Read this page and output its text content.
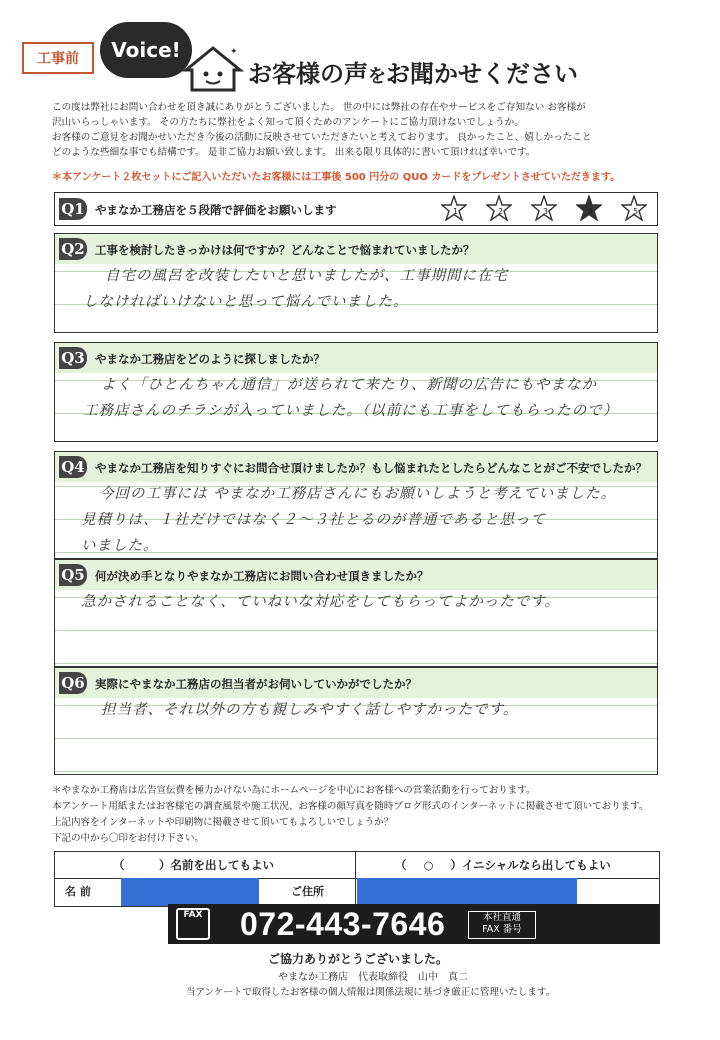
工事前	Voice!	✦
お客様の声をお聞かせください

この度は弊社にお問い合わせを頂き誠にありがとうございました。 世の中には弊社の存在やサービスをご存知ない お客様が

沢山いらっしゃいます。 その方たちに弊社をよく知って頂くためのアンケートにご協力頂けないでしょうか。

お客様のご意見をお聞かせいただき今後の活動に反映させていただきたいと考えております。 良かったこと、嬉しかったこと

どのような些細な事でも結構です。 是非ご協力お願い致します。 出来る限り具体的に書いて頂ければ幸いです。

＊本アンケート２枚セットにご記入いただいたお客様には工事後 500 円分の QUO カードをプレゼントさせていただきます。
Q1 やまなか工務店を５段階で評価をお願いします	1	2	3	4	5
Q2 工事を検討したきっかけは何ですか？どんなことで悩まれていましたか？
自宅の風呂を改装したいと思いましたが、工事期間に在宅
しなければいけないと思って悩んでいました。
Q3 やまなか工務店をどのように探しましたか？
よく「ひとんちゃん通信」が送られて来たり、新聞の広告にもやまなか
工務店さんのチラシが入っていました。（以前にも工事をしてもらったので）
Q4 やまなか工務店を知りすぐにお問合せ頂けましたか？もし悩まれたとしたらどんなことがご不安でしたか？
今回の工事には やまなか工務店さんにもお願いしようと考えていました。
見積りは、１社だけではなく２〜３社とるのが普通であると思って
いました。
Q5 何が決め手となりやまなか工務店にお問い合わせ頂きましたか？
急かされることなく、ていねいな対応をしてもらってよかったです。
Q6 実際にやまなか工務店の担当者がお伺いしていかがでしたか？
担当者、それ以外の方も親しみやすく話しやすかったです。
＊やまなか工務店は広告宣伝費を極力かけない為にホームページを中心にお客様への営業活動を行っております。
本アンケート用紙またはお客様宅の調査風景や施工状況、お客様の顔写真を随時ブログ形式のインターネットに掲載させて頂いております。
上記内容をインターネットや印刷物に掲載させて頂いてもよろしいでしょうか？
下記の中から〇印をお付け下さい。
（　　　）名前を出してもよい	（ ○ ）イニシャルなら出してもよい
名 前	ご住所
FAX 072-443-7646	本社直通
FAX 番号
ご協力ありがとうございました。
やまなか工務店　代表取締役　山中　真二
当アンケートで取得したお客様の個人情報は関係法規に基づき厳正に管理いたします。
